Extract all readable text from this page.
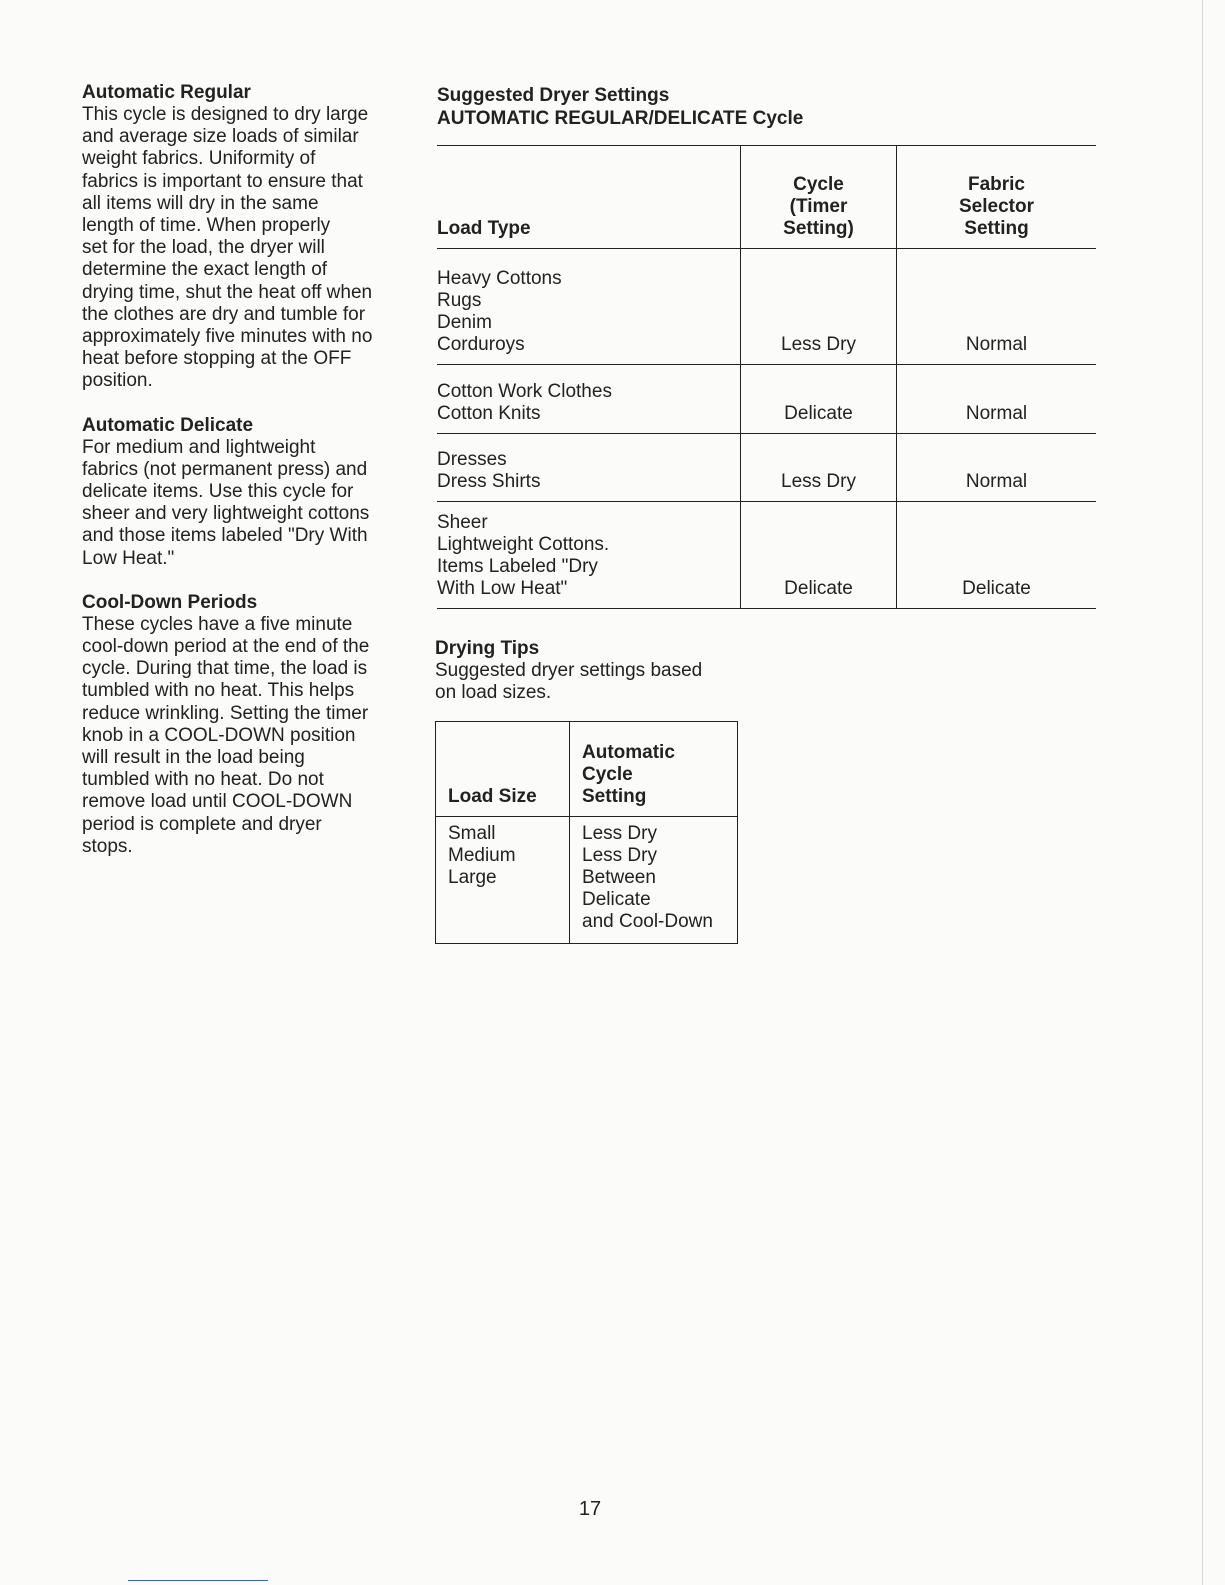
Automatic Regular

This cycle is designed to dry large
and average size loads of similar
weight fabrics. Uniformity of
fabrics is important to ensure that
all items will dry in the same
length of time. When properly
set for the load, the dryer will
determine the exact length of
drying time, shut the heat off when
the clothes are dry and tumble for
approximately five minutes with no
heat before stopping at the OFF
position.

Automatic Delicate

For medium and lightweight
fabrics (not permanent press) and
delicate items. Use this cycle for
sheer and very lightweight cottons
and those items labeled "Dry With
Low Heat."

Cool-Down Periods

These cycles have a five minute
cool-down period at the end of the
cycle. During that time, the load is
tumbled with no heat. This helps
reduce wrinkling. Setting the timer
knob in a COOL-DOWN position
will result in the load being
tumbled with no heat. Do not
remove load until COOL-DOWN
period is complete and dryer
stops.

Suggested Dryer Settings
AUTOMATIC REGULAR/DELICATE Cycle
Load Type	Cycle
(Timer
Setting)	Fabric
Selector
Setting
Heavy Cottons
Rugs
Denim
Corduroys	Less Dry	Normal
Cotton Work Clothes
Cotton Knits	Delicate	Normal
Dresses
Dress Shirts	Less Dry	Normal
Sheer
Lightweight Cottons.
Items Labeled "Dry
With Low Heat"	Delicate	Delicate
Drying Tips

Suggested dryer settings based
on load sizes.

Load Size	Automatic
Cycle
Setting
Small
Medium
Large	Less Dry
Less Dry
Between
Delicate
and Cool-Down
17
